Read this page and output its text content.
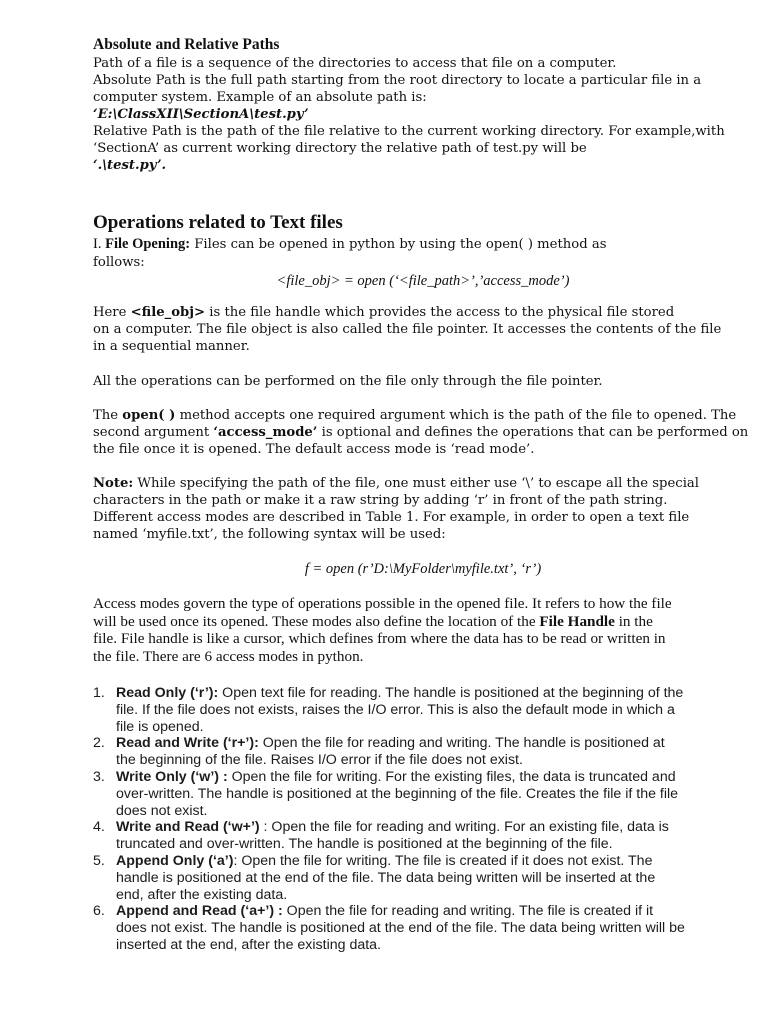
Absolute and Relative Paths

Path of a file is a sequence of the directories to access that file on a computer.

Absolute Path is the full path starting from the root directory to locate a particular file in a

computer system. Example of an absolute path is:

‘E:\ClassXII\SectionA\test.py’

Relative Path is the path of the file relative to the current working directory. For example,with

‘SectionA’ as current working directory the relative path of test.py will be

‘.\test.py’.

Operations related to Text files

I. File Opening: Files can be opened in python by using the open( ) method as

follows:

<file_obj> = open (‘<file_path>’,’access_mode’)

Here <file_obj> is the file handle which provides the access to the physical file stored

on a computer. The file object is also called the file pointer. It accesses the contents of the file

in a sequential manner.

All the operations can be performed on the file only through the file pointer.

The open( ) method accepts one required argument which is the path of the file to opened. The

second argument ‘access_mode’ is optional and defines the operations that can be performed on

the file once it is opened. The default access mode is ‘read mode’.

Note: While specifying the path of the file, one must either use ‘\’ to escape all the special

characters in the path or make it a raw string by adding ‘r’ in front of the path string.

Different access modes are described in Table 1. For example, in order to open a text file

named ‘myfile.txt’, the following syntax will be used:

f = open (r’D:\MyFolder\myfile.txt’, ‘r’)

Access modes govern the type of operations possible in the opened file. It refers to how the file

will be used once its opened. These modes also define the location of the File Handle in the

file. File handle is like a cursor, which defines from where the data has to be read or written in

the file. There are 6 access modes in python.

1. Read Only (‘r’): Open text file for reading. The handle is positioned at the beginning of the
file. If the file does not exists, raises the I/O error. This is also the default mode in which a
file is opened.
2. Read and Write (‘r+’): Open the file for reading and writing. The handle is positioned at
the beginning of the file. Raises I/O error if the file does not exist.
3. Write Only (‘w’) : Open the file for writing. For the existing files, the data is truncated and
over-written. The handle is positioned at the beginning of the file. Creates the file if the file
does not exist.
4. Write and Read (‘w+’) : Open the file for reading and writing. For an existing file, data is
truncated and over-written. The handle is positioned at the beginning of the file.
5. Append Only (‘a’): Open the file for writing. The file is created if it does not exist. The
handle is positioned at the end of the file. The data being written will be inserted at the
end, after the existing data.
6. Append and Read (‘a+’) : Open the file for reading and writing. The file is created if it
does not exist. The handle is positioned at the end of the file. The data being written will be
inserted at the end, after the existing data.
